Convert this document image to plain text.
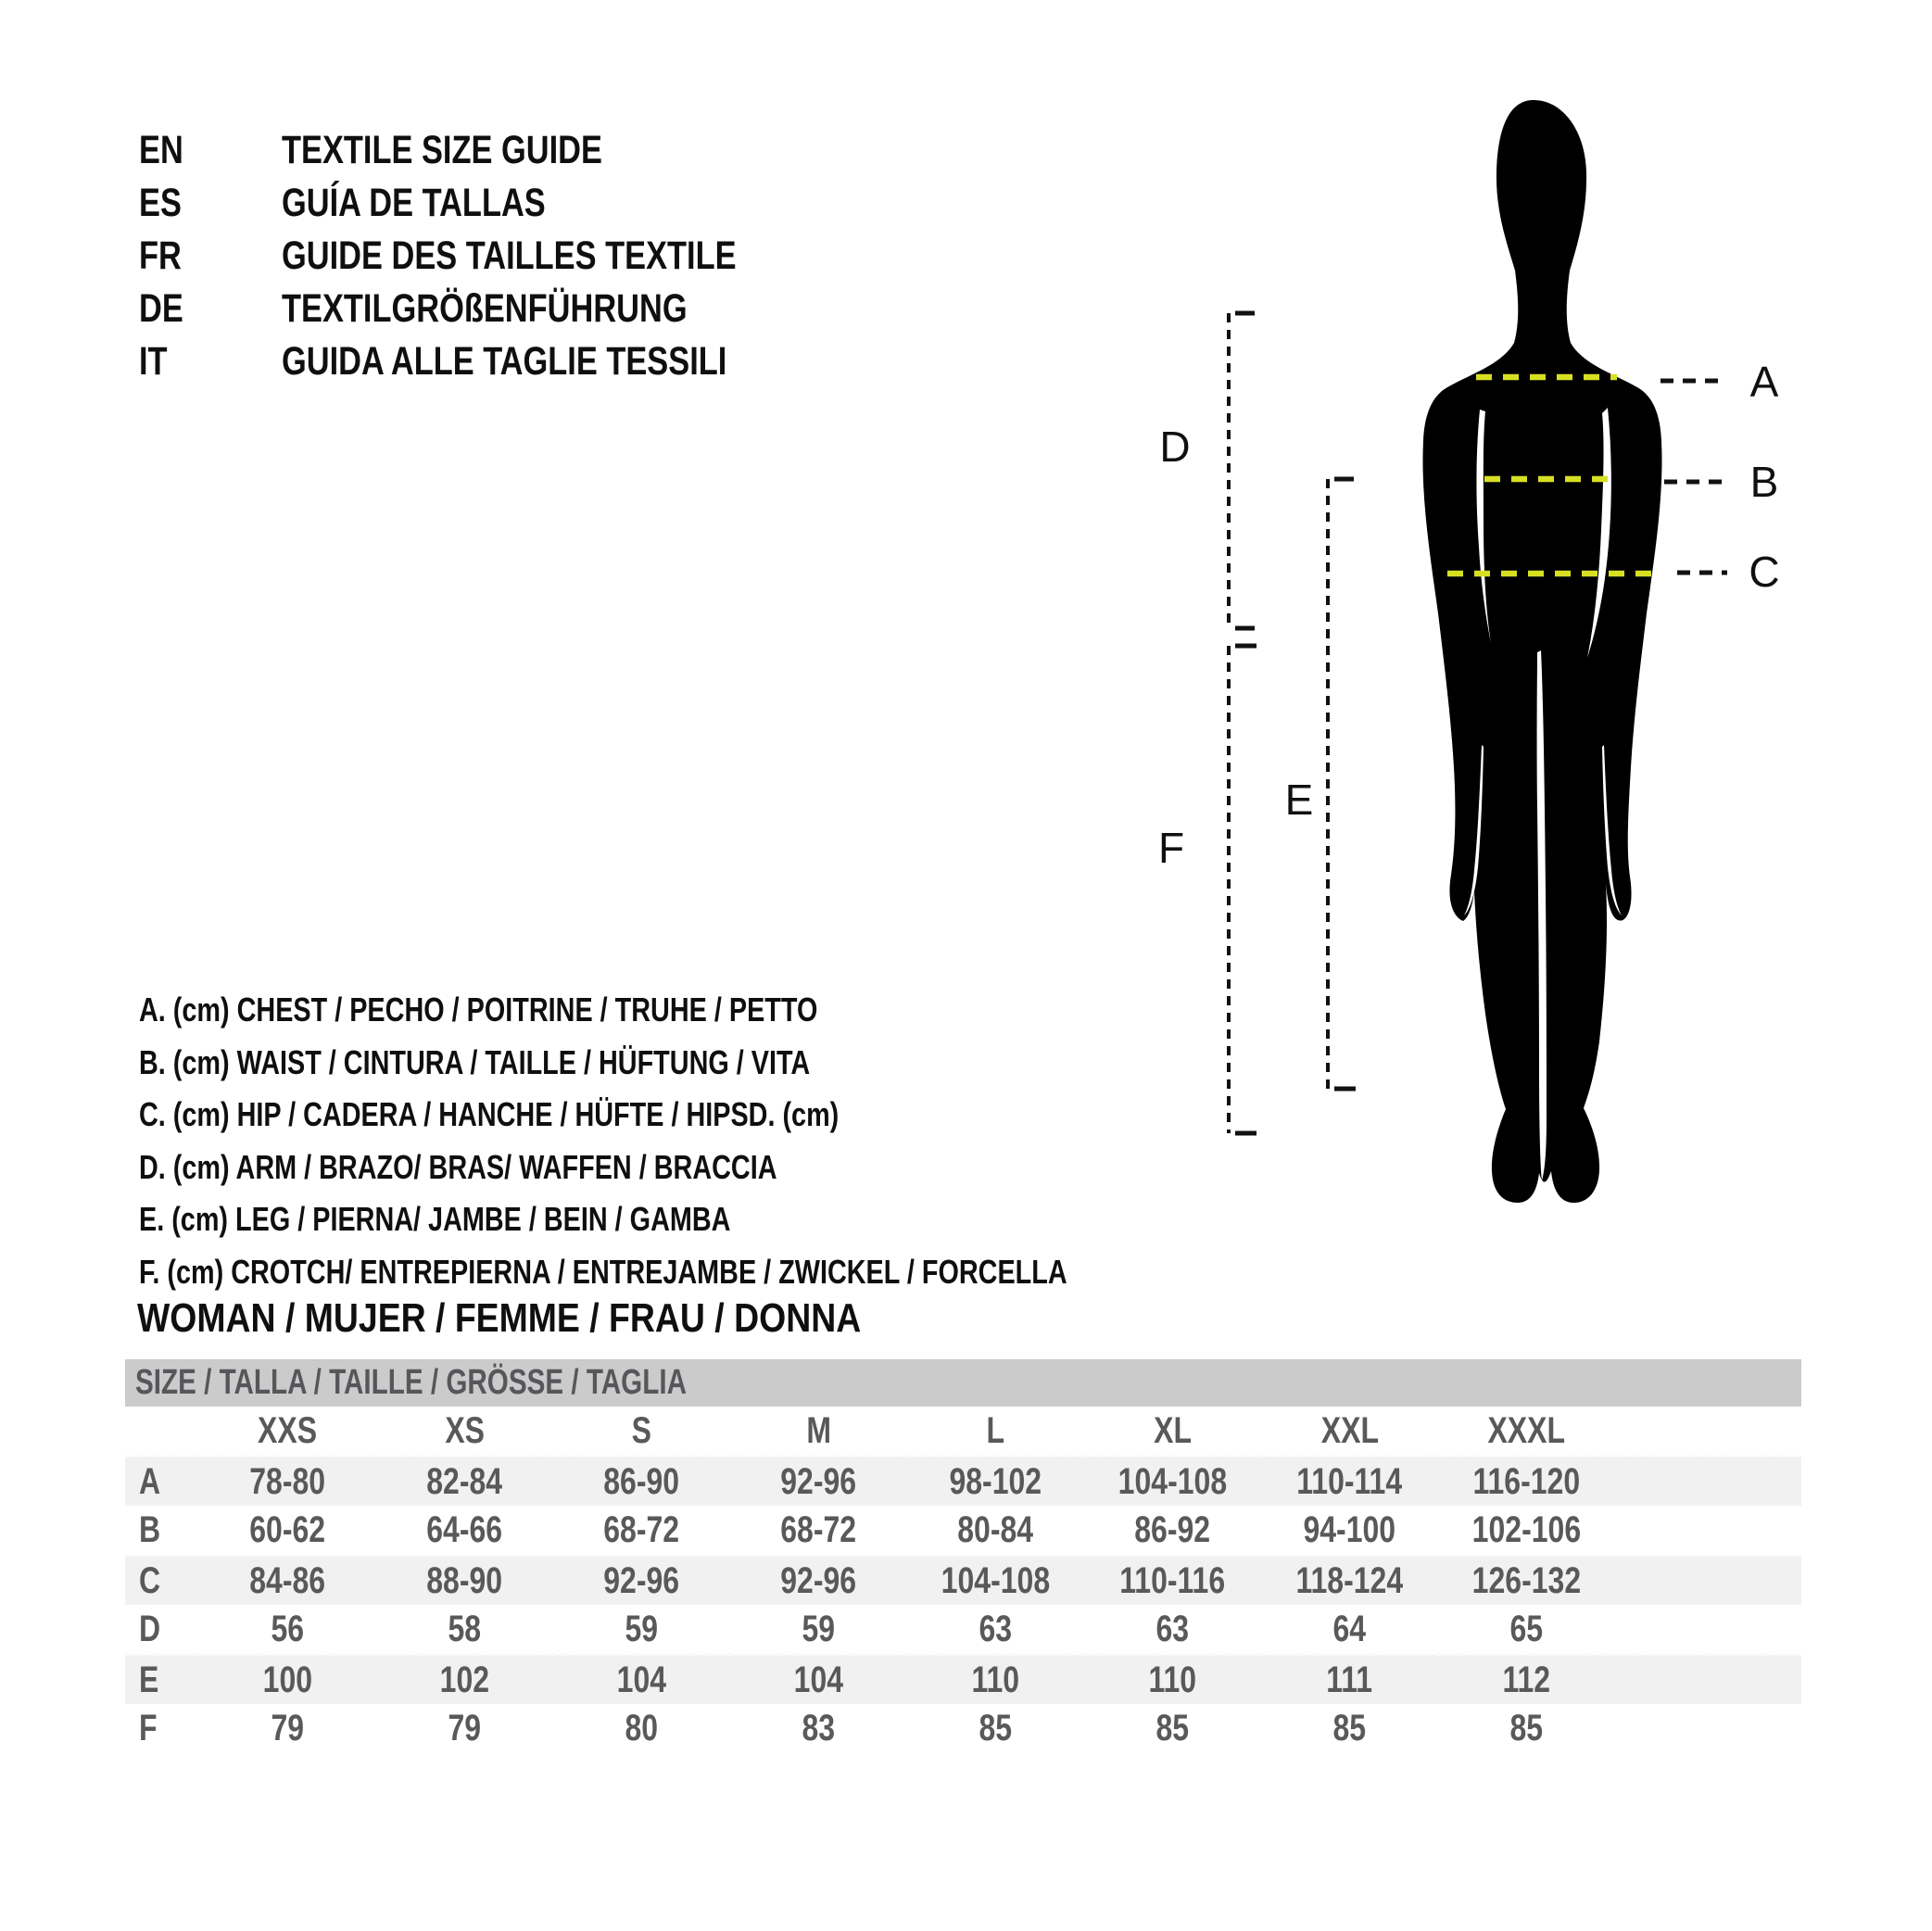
EN	TEXTILE SIZE GUIDE
ES	GUÍA DE TALLAS
FR	GUIDE DES TAILLES TEXTILE
DE	TEXTILGRÖßENFÜHRUNG
IT	GUIDA ALLE TAGLIE TESSILI	A
B
C
D
E
F
A. (cm) CHEST / PECHO / POITRINE / TRUHE / PETTO
B. (cm) WAIST / CINTURA / TAILLE / HÜFTUNG / VITA
C. (cm) HIP / CADERA / HANCHE / HÜFTE / HIPSD. (cm)
D. (cm) ARM / BRAZO/ BRAS/ WAFFEN / BRACCIA
E. (cm) LEG / PIERNA/ JAMBE / BEIN / GAMBA
F. (cm) CROTCH/ ENTREPIERNA / ENTREJAMBE / ZWICKEL / FORCELLA
WOMAN / MUJER / FEMME / FRAU / DONNA
SIZE / TALLA / TAILLE / GRÖSSE / TAGLIA
	XXS	XS	S	M	L	XL	XXL	XXXL	
A	78-80	82-84	86-90	92-96	98-102	104-108	110-114	116-120	
B	60-62	64-66	68-72	68-72	80-84	86-92	94-100	102-106	
C	84-86	88-90	92-96	92-96	104-108	110-116	118-124	126-132	
D	56	58	59	59	63	63	64	65	
E	100	102	104	104	110	110	111	112	
F	79	79	80	83	85	85	85	85	
